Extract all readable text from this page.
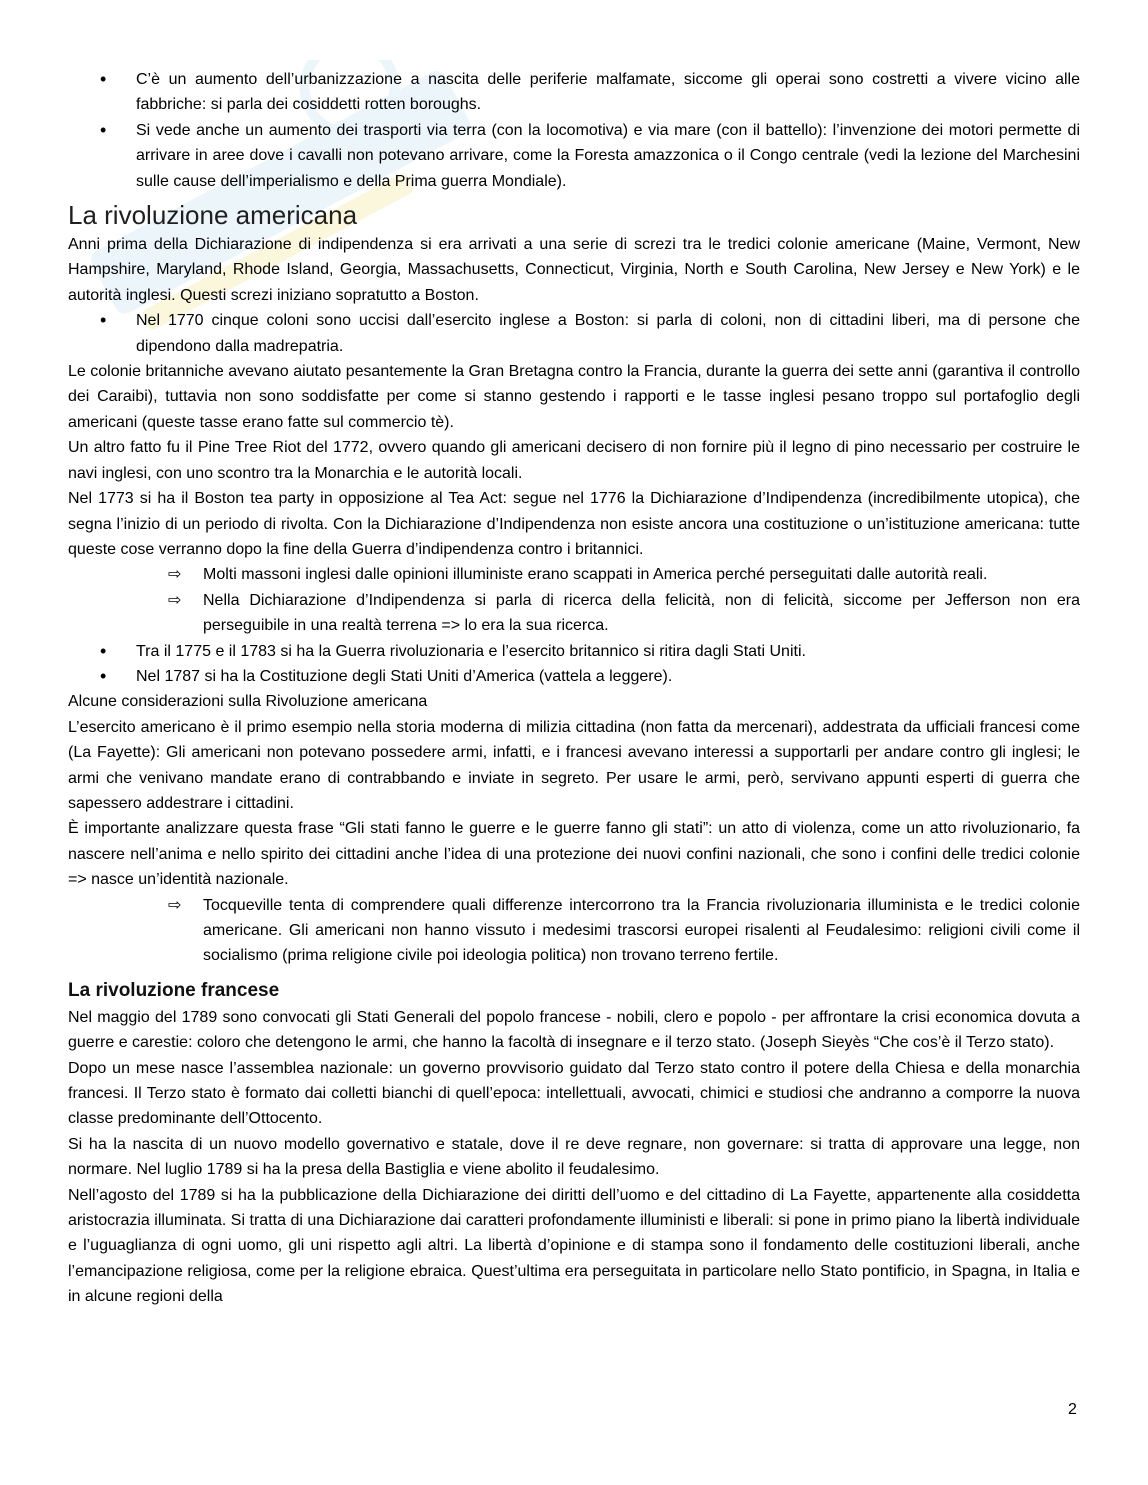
• C’è un aumento dell’urbanizzazione a nascita delle periferie malfamate, siccome gli operai sono costretti a vivere vicino alle fabbriche: si parla dei cosiddetti rotten boroughs.
• Si vede anche un aumento dei trasporti via terra (con la locomotiva) e via mare (con il battello): l’invenzione dei motori permette di arrivare in aree dove i cavalli non potevano arrivare, come la Foresta amazzonica o il Congo centrale (vedi la lezione del Marchesini sulle cause dell’imperialismo e della Prima guerra Mondiale).
La rivoluzione americana

Anni prima della Dichiarazione di indipendenza si era arrivati a una serie di screzi tra le tredici colonie americane (Maine, Vermont, New Hampshire, Maryland, Rhode Island, Georgia, Massachusetts, Connecticut, Virginia, North e South Carolina, New Jersey e New York) e le autorità inglesi. Questi screzi iniziano sopratutto a Boston.

• Nel 1770 cinque coloni sono uccisi dall’esercito inglese a Boston: si parla di coloni, non di cittadini liberi, ma di persone che dipendono dalla madrepatria.

Le colonie britanniche avevano aiutato pesantemente la Gran Bretagna contro la Francia, durante la guerra dei sette anni (garantiva il controllo dei Caraibi), tuttavia non sono soddisfatte per come si stanno gestendo i rapporti e le tasse inglesi pesano troppo sul portafoglio degli americani (queste tasse erano fatte sul commercio tè).

Un altro fatto fu il Pine Tree Riot del 1772, ovvero quando gli americani decisero di non fornire più il legno di pino necessario per costruire le navi inglesi, con uno scontro tra la Monarchia e le autorità locali.

Nel 1773 si ha il Boston tea party in opposizione al Tea Act: segue nel 1776 la Dichiarazione d’Indipendenza (incredibilmente utopica), che segna l’inizio di un periodo di rivolta. Con la Dichiarazione d’Indipendenza non esiste ancora una costituzione o un’istituzione americana: tutte queste cose verranno dopo la fine della Guerra d’indipendenza contro i britannici.

⇨ Molti massoni inglesi dalle opinioni illuministe erano scappati in America perché perseguitati dalle autorità reali.
⇨ Nella Dichiarazione d’Indipendenza si parla di ricerca della felicità, non di felicità, siccome per Jefferson non era perseguibile in una realtà terrena => lo era la sua ricerca.
• Tra il 1775 e il 1783 si ha la Guerra rivoluzionaria e l’esercito britannico si ritira dagli Stati Uniti.
• Nel 1787 si ha la Costituzione degli Stati Uniti d’America (vattela a leggere).

Alcune considerazioni sulla Rivoluzione americana

L’esercito americano è il primo esempio nella storia moderna di milizia cittadina (non fatta da mercenari), addestrata da ufficiali francesi come (La Fayette): Gli americani non potevano possedere armi, infatti, e i francesi avevano interessi a supportarli per andare contro gli inglesi; le armi che venivano mandate erano di contrabbando e inviate in segreto. Per usare le armi, però, servivano appunti esperti di guerra che sapessero addestrare i cittadini.

È importante analizzare questa frase “Gli stati fanno le guerre e le guerre fanno gli stati”: un atto di violenza, come un atto rivoluzionario, fa nascere nell’anima e nello spirito dei cittadini anche l’idea di una protezione dei nuovi confini nazionali, che sono i confini delle tredici colonie => nasce un’identità nazionale.

⇨ Tocqueville tenta di comprendere quali differenze intercorrono tra la Francia rivoluzionaria illuminista e le tredici colonie americane. Gli americani non hanno vissuto i medesimi trascorsi europei risalenti al Feudalesimo: religioni civili come il socialismo (prima religione civile poi ideologia politica) non trovano terreno fertile.
La rivoluzione francese

Nel maggio del 1789 sono convocati gli Stati Generali del popolo francese - nobili, clero e popolo - per affrontare la crisi economica dovuta a guerre e carestie: coloro che detengono le armi, che hanno la facoltà di insegnare e il terzo stato. (Joseph Sieyès “Che cos’è il Terzo stato).

Dopo un mese nasce l’assemblea nazionale: un governo provvisorio guidato dal Terzo stato contro il potere della Chiesa e della monarchia francesi. Il Terzo stato è formato dai colletti bianchi di quell’epoca: intellettuali, avvocati, chimici e studiosi che andranno a comporre la nuova classe predominante dell’Ottocento.

Si ha la nascita di un nuovo modello governativo e statale, dove il re deve regnare, non governare: si tratta di approvare una legge, non normare. Nel luglio 1789 si ha la presa della Bastiglia e viene abolito il feudalesimo.

Nell’agosto del 1789 si ha la pubblicazione della Dichiarazione dei diritti dell’uomo e del cittadino di La Fayette, appartenente alla cosiddetta aristocrazia illuminata. Si tratta di una Dichiarazione dai caratteri profondamente illuministi e liberali: si pone in primo piano la libertà individuale e l’uguaglianza di ogni uomo, gli uni rispetto agli altri. La libertà d’opinione e di stampa sono il fondamento delle costituzioni liberali, anche l’emancipazione religiosa, come per la religione ebraica. Quest’ultima era perseguitata in particolare nello Stato pontificio, in Spagna, in Italia e in alcune regioni della

2
